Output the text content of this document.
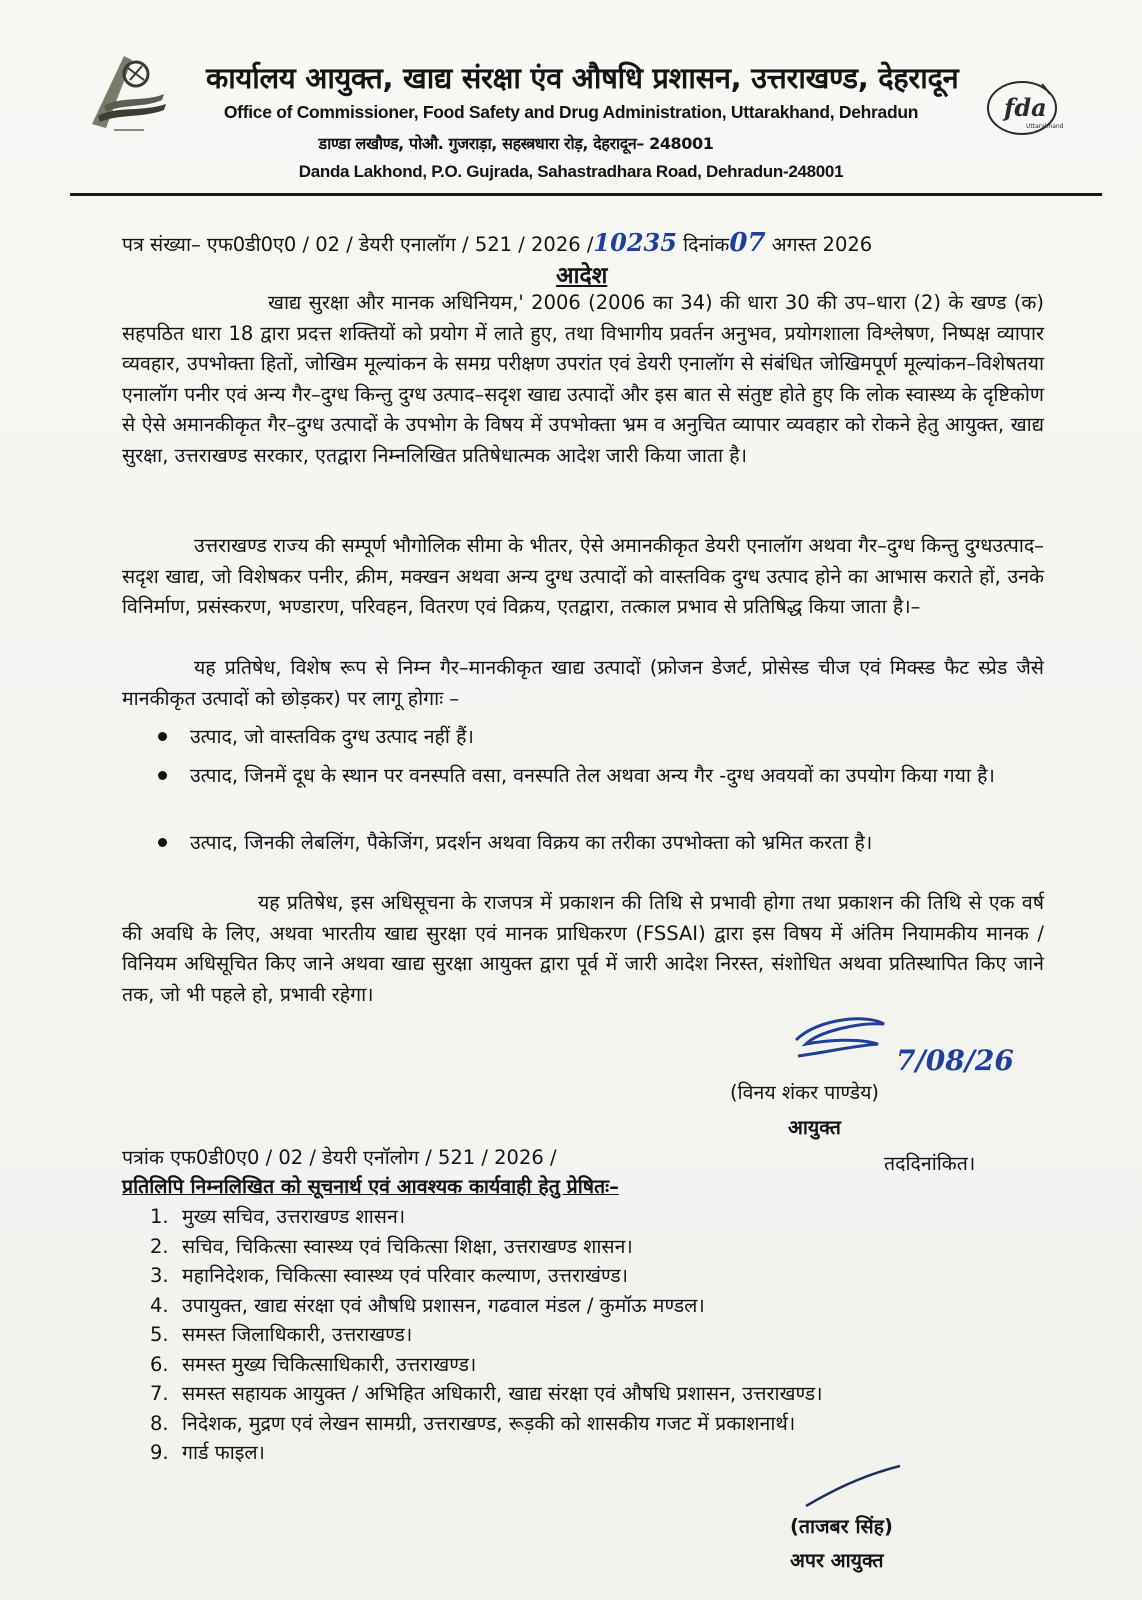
कार्यालय आयुक्त, खाद्य संरक्षा एंव औषधि प्रशासन, उत्तराखण्ड, देहरादून
Office of Commissioner, Food Safety and Drug Administration, Uttarakhand, Dehradun
डाण्डा लखौण्ड, पोऔ. गुजराड़ा, सहस्त्रधारा रोड़, देहरादून– 248001
Danda Lakhond, P.O. Gujrada, Sahastradhara Road, Dehradun-248001
fda
Uttarakhand
पत्र संख्या– एफ0डी0ए0 / 02 / डेयरी एनालॉग / 521 / 2026 /10235 दिनांक07 अगस्त 2026
आदेश
खाद्य सुरक्षा और मानक अधिनियम,' 2006 (2006 का 34) की धारा 30 की उप–धारा (2) के खण्ड (क) सहपठित धारा 18 द्वारा प्रदत्त शक्तियों को प्रयोग में लाते हुए, तथा विभागीय प्रवर्तन अनुभव, प्रयोगशाला विश्लेषण, निष्पक्ष व्यापार व्यवहार, उपभोक्ता हितों, जोखिम मूल्यांकन के समग्र परीक्षण उपरांत एवं डेयरी एनालॉग से संबंधित जोखिमपूर्ण मूल्यांकन–विशेषतया एनालॉग पनीर एवं अन्य गैर–दुग्ध किन्तु दुग्ध उत्पाद–सदृश खाद्य उत्पादों और इस बात से संतुष्ट होते हुए कि लोक स्वास्थ्य के दृष्टिकोण से ऐसे अमानकीकृत गैर–दुग्ध उत्पादों के उपभोग के विषय में उपभोक्ता भ्रम व अनुचित व्यापार व्यवहार को रोकने हेतु आयुक्त, खाद्य सुरक्षा, उत्तराखण्ड सरकार, एतद्वारा निम्नलिखित प्रतिषेधात्मक आदेश जारी किया जाता है।
उत्तराखण्ड राज्य की सम्पूर्ण भौगोलिक सीमा के भीतर, ऐसे अमानकीकृत डेयरी एनालॉग अथवा गैर–दुग्ध किन्तु दुग्धउत्पाद–सदृश खाद्य, जो विशेषकर पनीर, क्रीम, मक्खन अथवा अन्य दुग्ध उत्पादों को वास्तविक दुग्ध उत्पाद होने का आभास कराते हों, उनके विनिर्माण, प्रसंस्करण, भण्डारण, परिवहन, वितरण एवं विक्रय, एतद्वारा, तत्काल प्रभाव से प्रतिषिद्ध किया जाता है।–
यह प्रतिषेध, विशेष रूप से निम्न गैर–मानकीकृत खाद्य उत्पादों (फ्रोजन डेजर्ट, प्रोसेस्ड चीज एवं मिक्स्ड फैट स्प्रेड जैसे मानकीकृत उत्पादों को छोड़कर) पर लागू होगाः –
उत्पाद, जो वास्तविक दुग्ध उत्पाद नहीं हैं।
उत्पाद, जिनमें दूध के स्थान पर वनस्पति वसा, वनस्पति तेल अथवा अन्य गैर -दुग्ध अवयवों का उपयोग किया गया है।
उत्पाद, जिनकी लेबलिंग, पैकेजिंग, प्रदर्शन अथवा विक्रय का तरीका उपभोक्ता को भ्रमित करता है।
यह प्रतिषेध, इस अधिसूचना के राजपत्र में प्रकाशन की तिथि से प्रभावी होगा तथा प्रकाशन की तिथि से एक वर्ष की अवधि के लिए, अथवा भारतीय खाद्य सुरक्षा एवं मानक प्राधिकरण (FSSAI) द्वारा इस विषय में अंतिम नियामकीय मानक / विनियम अधिसूचित किए जाने अथवा खाद्य सुरक्षा आयुक्त द्वारा पूर्व में जारी आदेश निरस्त, संशोधित अथवा प्रतिस्थापित किए जाने तक, जो भी पहले हो, प्रभावी रहेगा।
7/08/26
(विनय शंकर पाण्डेय)
आयुक्त
पत्रांक एफ0डी0ए0 / 02 / डेयरी एनॉलोग / 521 / 2026 /	तददिनांकित।
प्रतिलिपि निम्नलिखित को सूचनार्थ एवं आवश्यक कार्यवाही हेतु प्रेषितः–
1. मुख्य सचिव, उत्तराखण्ड शासन।
2. सचिव, चिकित्सा स्वास्थ्य एवं चिकित्सा शिक्षा, उत्तराखण्ड शासन।
3. महानिदेशक, चिकित्सा स्वास्थ्य एवं परिवार कल्याण, उत्तराखंण्ड।
4. उपायुक्त, खाद्य संरक्षा एवं औषधि प्रशासन, गढवाल मंडल / कुमॉऊ मण्डल।
5. समस्त जिलाधिकारी, उत्तराखण्ड।
6. समस्त मुख्य चिकित्साधिकारी, उत्तराखण्ड।
7. समस्त सहायक आयुक्त / अभिहित अधिकारी, खाद्य संरक्षा एवं औषधि प्रशासन, उत्तराखण्ड।
8. निदेशक, मुद्रण एवं लेखन सामग्री, उत्तराखण्ड, रूड़की को शासकीय गजट में प्रकाशनार्थ।
9. गार्ड फाइल।
(ताजबर सिंह)
अपर आयुक्त
